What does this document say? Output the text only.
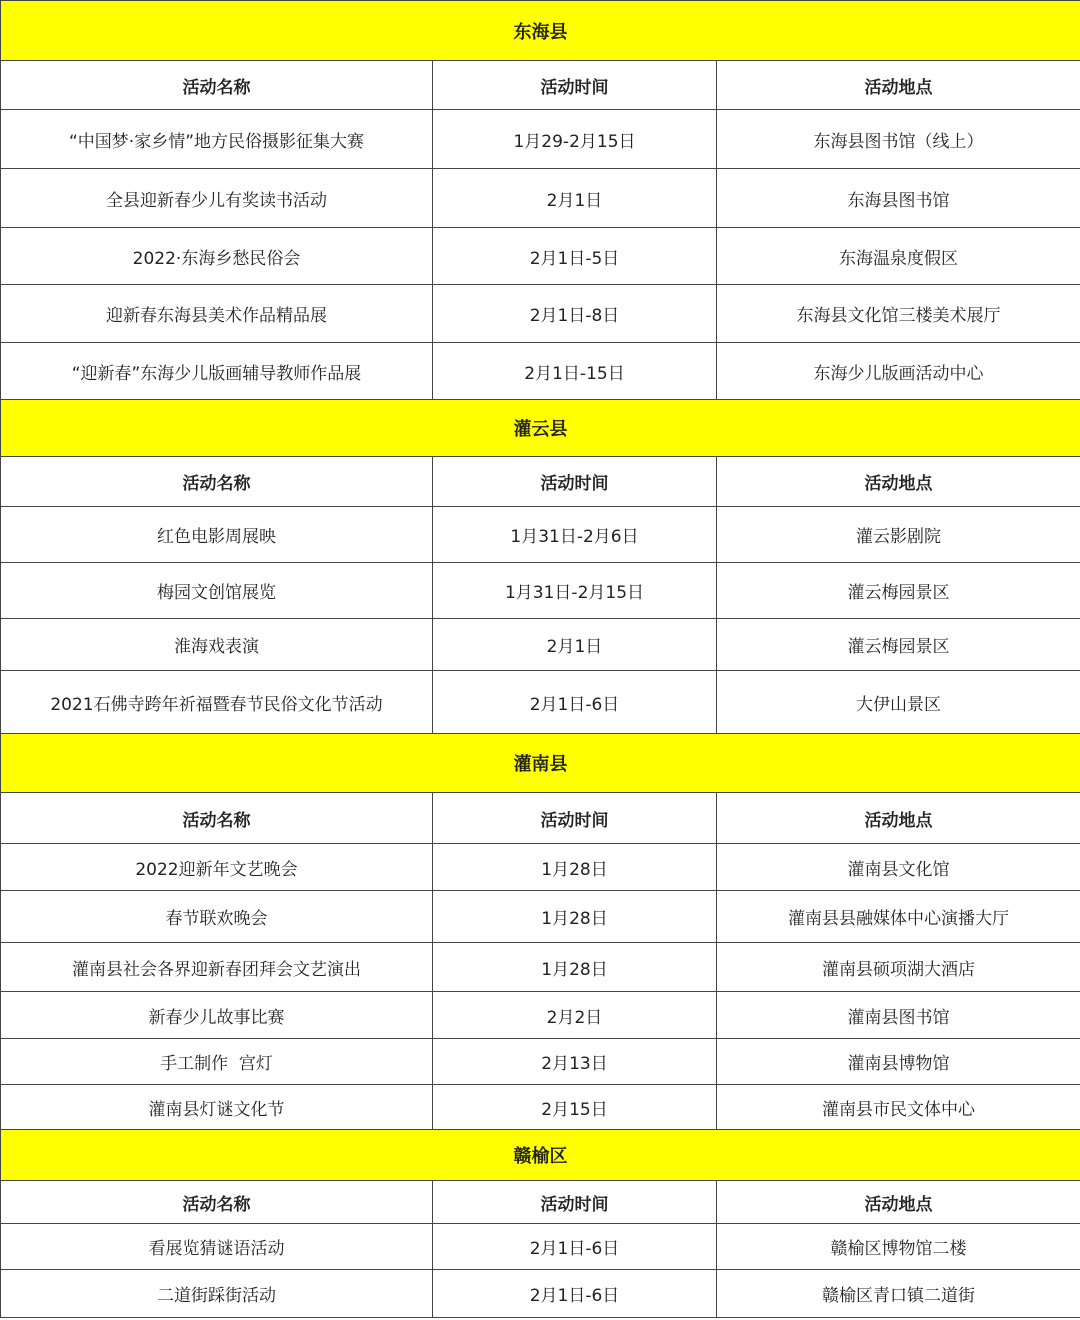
东海县		
活动名称	活动时间	活动地点
“中国梦·家乡情”地方民俗摄影征集大赛	1月29-2月15日	东海县图书馆（线上）
全县迎新春少儿有奖读书活动	2月1日	东海县图书馆
2022·东海乡愁民俗会	2月1日-5日	东海温泉度假区
迎新春东海县美术作品精品展	2月1日-8日	东海县文化馆三楼美术展厅
“迎新春”东海少儿版画辅导教师作品展	2月1日-15日	东海少儿版画活动中心
灌云县		
活动名称	活动时间	活动地点
红色电影周展映	1月31日-2月6日	灌云影剧院
梅园文创馆展览	1月31日-2月15日	灌云梅园景区
淮海戏表演	2月1日	灌云梅园景区
2021石佛寺跨年祈福暨春节民俗文化节活动	2月1日-6日	大伊山景区
灌南县		
活动名称	活动时间	活动地点
2022迎新年文艺晚会	1月28日	灌南县文化馆
春节联欢晚会	1月28日	灌南县县融媒体中心演播大厅
灌南县社会各界迎新春团拜会文艺演出	1月28日	灌南县硕项湖大酒店
新春少儿故事比赛	2月2日	灌南县图书馆
手工制作  宫灯	2月13日	灌南县博物馆
灌南县灯谜文化节	2月15日	灌南县市民文体中心
赣榆区		
活动名称	活动时间	活动地点
看展览猜谜语活动	2月1日-6日	赣榆区博物馆二楼
二道街踩街活动	2月1日-6日	赣榆区青口镇二道街
